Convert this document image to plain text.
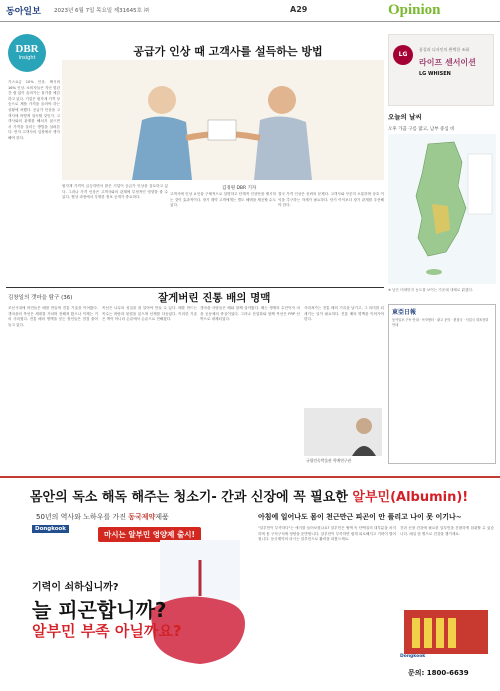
동아일보 2023년 6월 7일 목요일 제31645호 ㈜	A29	Opinion
DBR
Insight	공급가 인상 때 고객사를 설득하는 방법
가스요금 10% 인상. 택시비 16% 인상. 소비자들은 지난 몇년간 쉼 없이 올라가는 물가를 체감하고 있다. 기업은 원자재 가격 상승으로 제품 가격을 올려야 하는 상황에 처했다. 공급가 인상을 고객사에 어떻게 설득할 것인가. 고객사와의 관계를 해치지 않으면서 가격을 올리는 방법을 살펴본다. 먼저 고객사의 입장에서 생각해야 한다.
원자재 가격이 급등하면서 많은 기업이 공급가 인상을 검토하고 있다. 그러나 가격 인상은 고객사와의 관계에 부정적인 영향을 줄 수 있다. 협상 과정에서 투명한 정보 공개가 중요하다.
고객사에 인상 요인을 구체적으로 설명하고 단계적 인상안을 제시하는 것이 효과적이다. 장기 계약 고객에게는 별도 혜택을 제공할 수도 있다.
결국 가격 인상은 신뢰의 문제다. 고객사와 꾸준히 소통하며 상호 이익을 추구하는 자세가 필요하다. 단기 이익보다 장기 관계를 우선해야 한다.
김경원 DBR 기자
LG
품질과 디자인의 완벽한 조화
라이프 센서이션
LG WHISEN
오늘의 날씨
오후 가끔 구름 많고, 남부 중심 비
※ 낮은 미세먼지 농도를 보이는 가운데 대체로 맑겠다.
김창일의 갯마을 탐구 (36)	잘게버린 진통 배의 명맥
조선시대에 어민들은 배를 만들며 전통 기술을 이어왔다. 갯마을의 목선은 세대를 거치며 전해져 왔으나 이제는 거의 사라졌다. 전통 배의 명맥을 잇는 장인들은 점점 줄어들고 있다.
목선은 나무의 성질을 잘 알아야 만들 수 있다. 배를 만드는 목수는 바람과 물결을 읽으며 선체를 다듬었다. 이러한 기술은 책이 아니라 손끝에서 손끝으로 전해졌다.
갯마을 사람들은 배와 함께 살아왔다. 배는 생계의 수단이자 마을 공동체의 중심이었다. 그러나 산업화와 함께 목선은 FRP 선박으로 대체되었다.
사라져가는 전통 배의 기록을 남기고, 그 의미를 되새기는 일이 필요하다. 진통 배의 명맥을 이어가야 한다.
국립민속박물관 학예연구관
東亞日報
동아일보 구독 안내 · 독자센터 · 광고 문의 · 편집국 · 사업국 대표전화 안내
몸안의 독소 해독 해주는 청소기- 간과 신장에 꼭 필요한 알부민(Albumin)!
50년의 역사와 노하우를 가진 동국제약제품	아침에 일어나도 몸이 천근만근 피곤이 안 풀리고 나이 못 이기나~
Dongkook
마시는 알부민 영양제 출시!
기력이 쇠하십니까?
늘 피곤합니까?
알부민 부족 아닐까요?
"알부민이 부족하다"는 얘기를 들어보셨나요? 알부민은 혈액 속 단백질의 대부분을 차지하며 몸 구석구석에 영양을 운반합니다. 알부민이 부족하면 쉽게 피로해지고 기력이 떨어집니다. 동국제약의 마시는 알부민으로 활력을 되찾으세요.
간과 신장 건강에 필요한 알부민을 간편하게 섭취할 수 있습니다. 매일 한 병으로 건강을 챙기세요.
Dongkook
문의: 1800-6639
